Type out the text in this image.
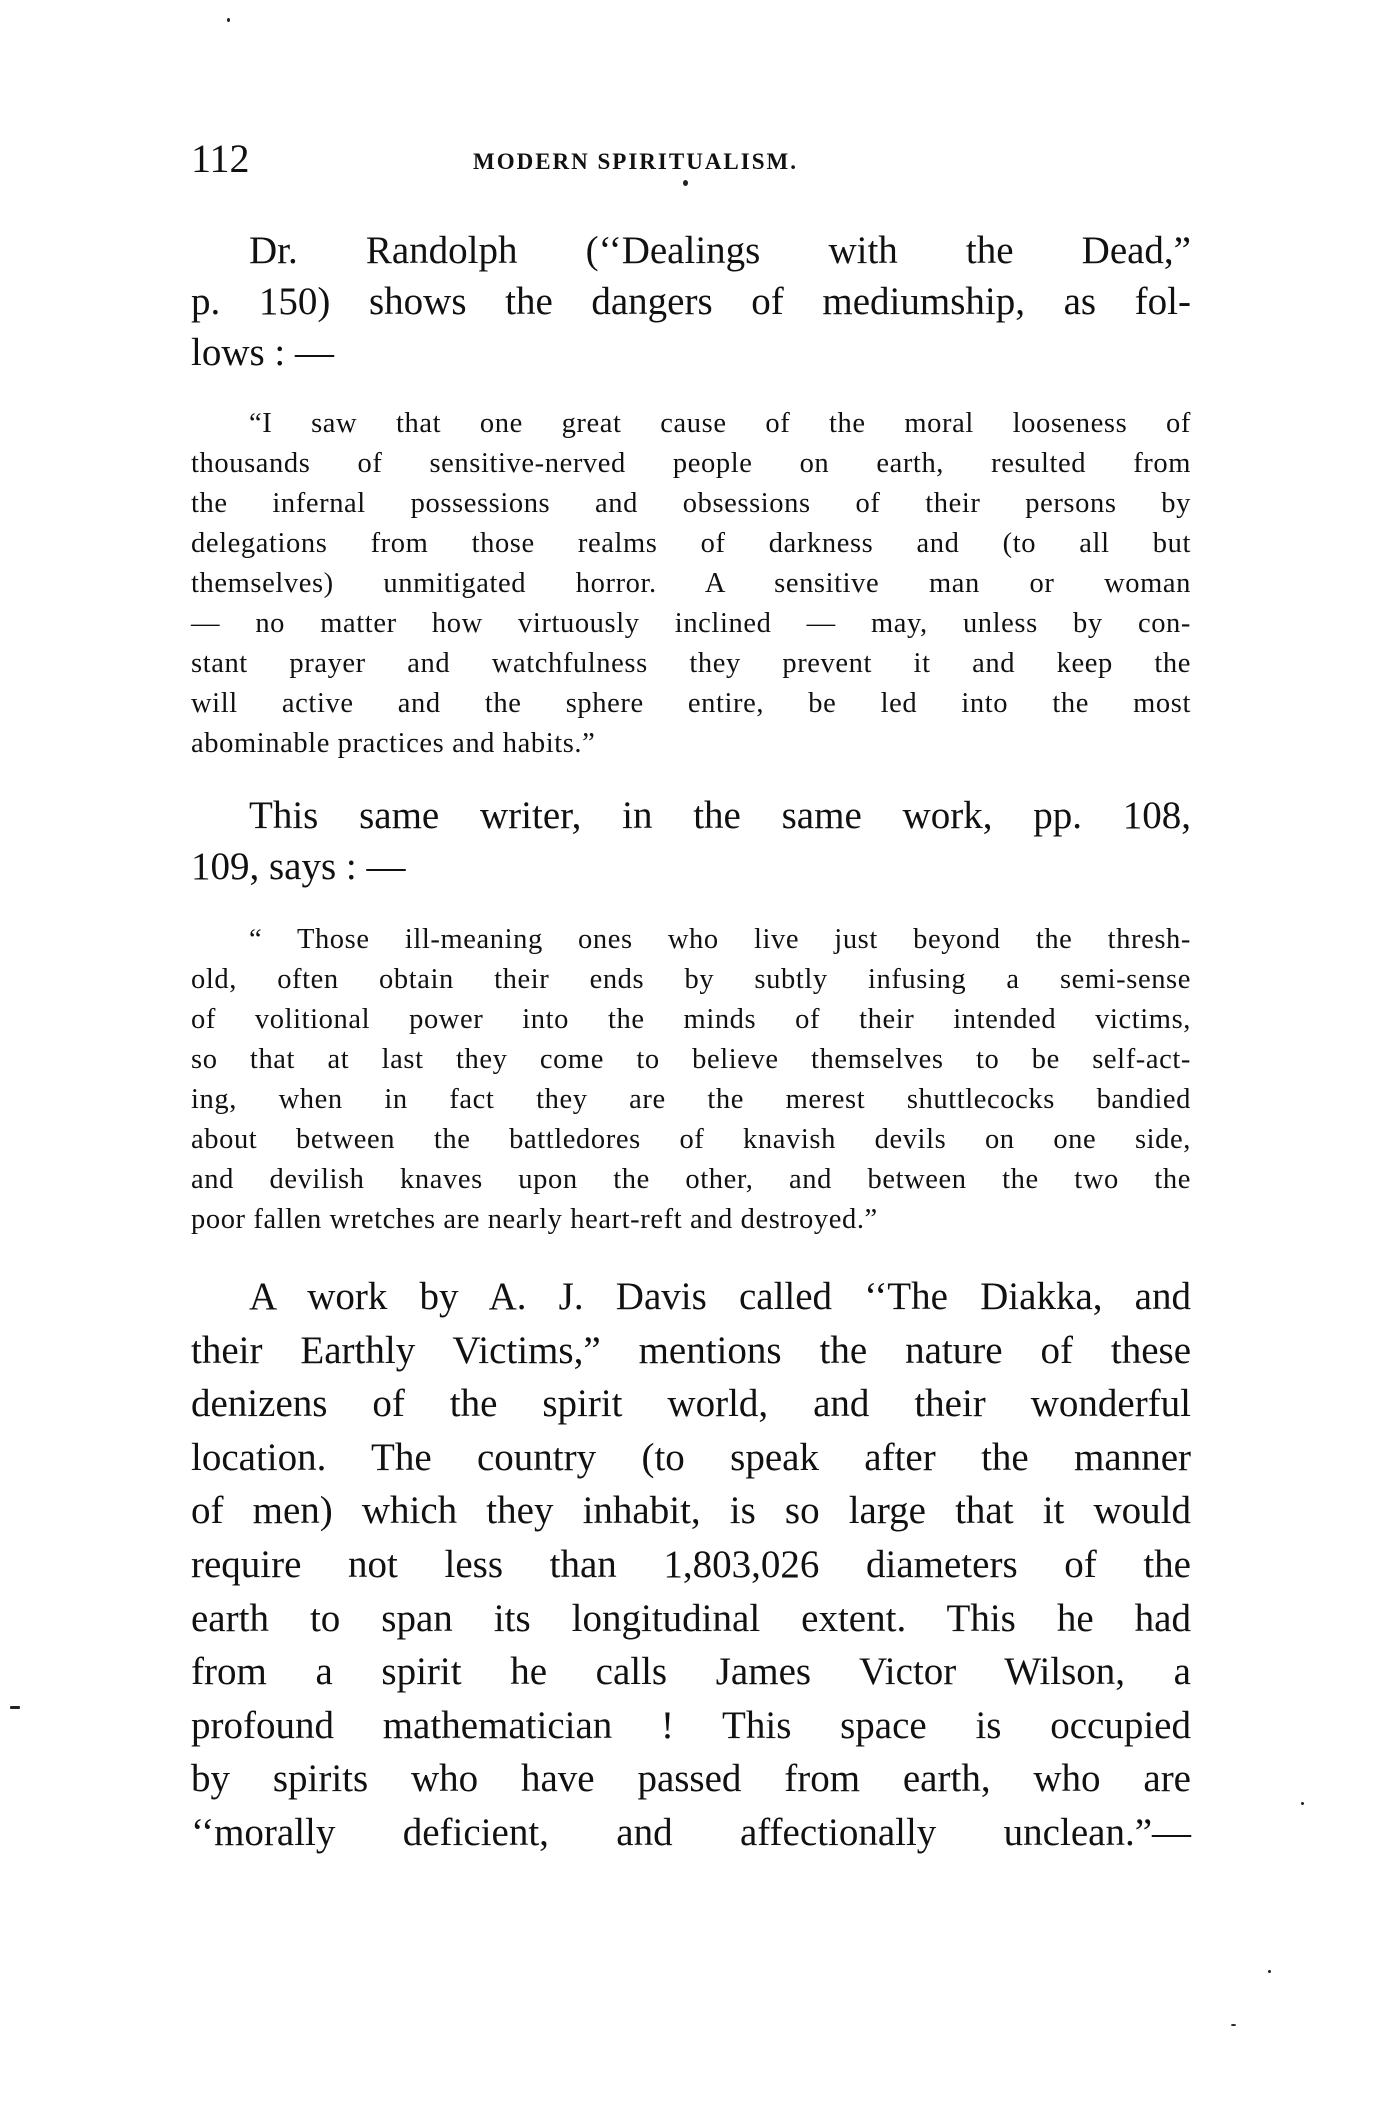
112	MODERN SPIRITUALISM.
Dr. Randolph (‘‘Dealings with the Dead,”
p. 150) shows the dangers of mediumship, as fol-
lows : —
“I saw that one great cause of the moral looseness of
thousands of sensitive-nerved people on earth, resulted from
the infernal possessions and obsessions of their persons by
delegations from those realms of darkness and (to all but
themselves) unmitigated horror. A sensitive man or woman
— no matter how virtuously inclined — may, unless by con-
stant prayer and watchfulness they prevent it and keep the
will active and the sphere entire, be led into the most
abominable practices and habits.”
This same writer, in the same work, pp. 108,
109, says : —
“ Those ill-meaning ones who live just beyond the thresh-
old, often obtain their ends by subtly infusing a semi-sense
of volitional power into the minds of their intended victims,
so that at last they come to believe themselves to be self-act-
ing, when in fact they are the merest shuttlecocks bandied
about between the battledores of knavish devils on one side,
and devilish knaves upon the other, and between the two the
poor fallen wretches are nearly heart-reft and destroyed.”
A work by A. J. Davis called ‘‘The Diakka, and
their Earthly Victims,” mentions the nature of these
denizens of the spirit world, and their wonderful
location. The country (to speak after the manner
of men) which they inhabit, is so large that it would
require not less than 1,803,026 diameters of the
earth to span its longitudinal extent. This he had
from a spirit he calls James Victor Wilson, a
profound mathematician ! This space is occupied
by spirits who have passed from earth, who are
‘‘morally deficient, and affectionally unclean.”—
